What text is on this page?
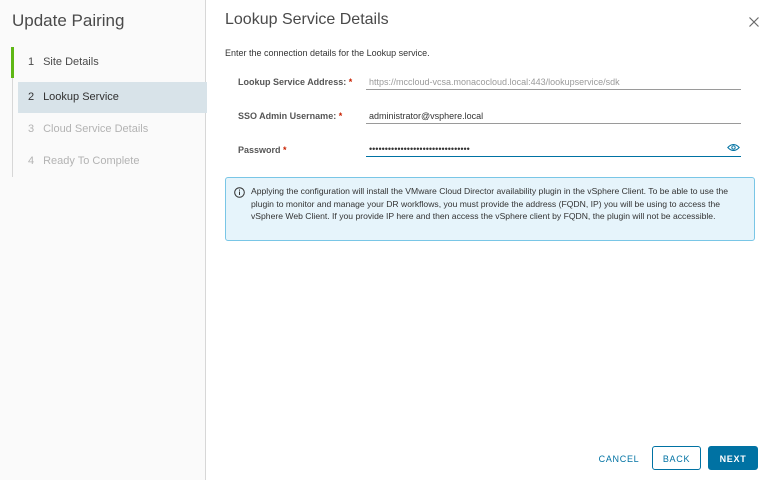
Update Pairing
1 Site Details
2 Lookup Service
3 Cloud Service Details
4 Ready To Complete
Lookup Service Details
Enter the connection details for the Lookup service.
Lookup Service Address: *
https://mccloud-vcsa.monacocloud.local:443/lookupservice/sdk
SSO Admin Username: *
administrator@vsphere.local
Password *
Applying the configuration will install the VMware Cloud Director availability plugin in the vSphere Client. To be able to use the plugin to monitor and manage your DR workflows, you must provide the address (FQDN, IP) you will be using to access the vSphere Web Client. If you provide IP here and then access the vSphere client by FQDN, the plugin will not be accessible.
CANCEL	BACK	NEXT
